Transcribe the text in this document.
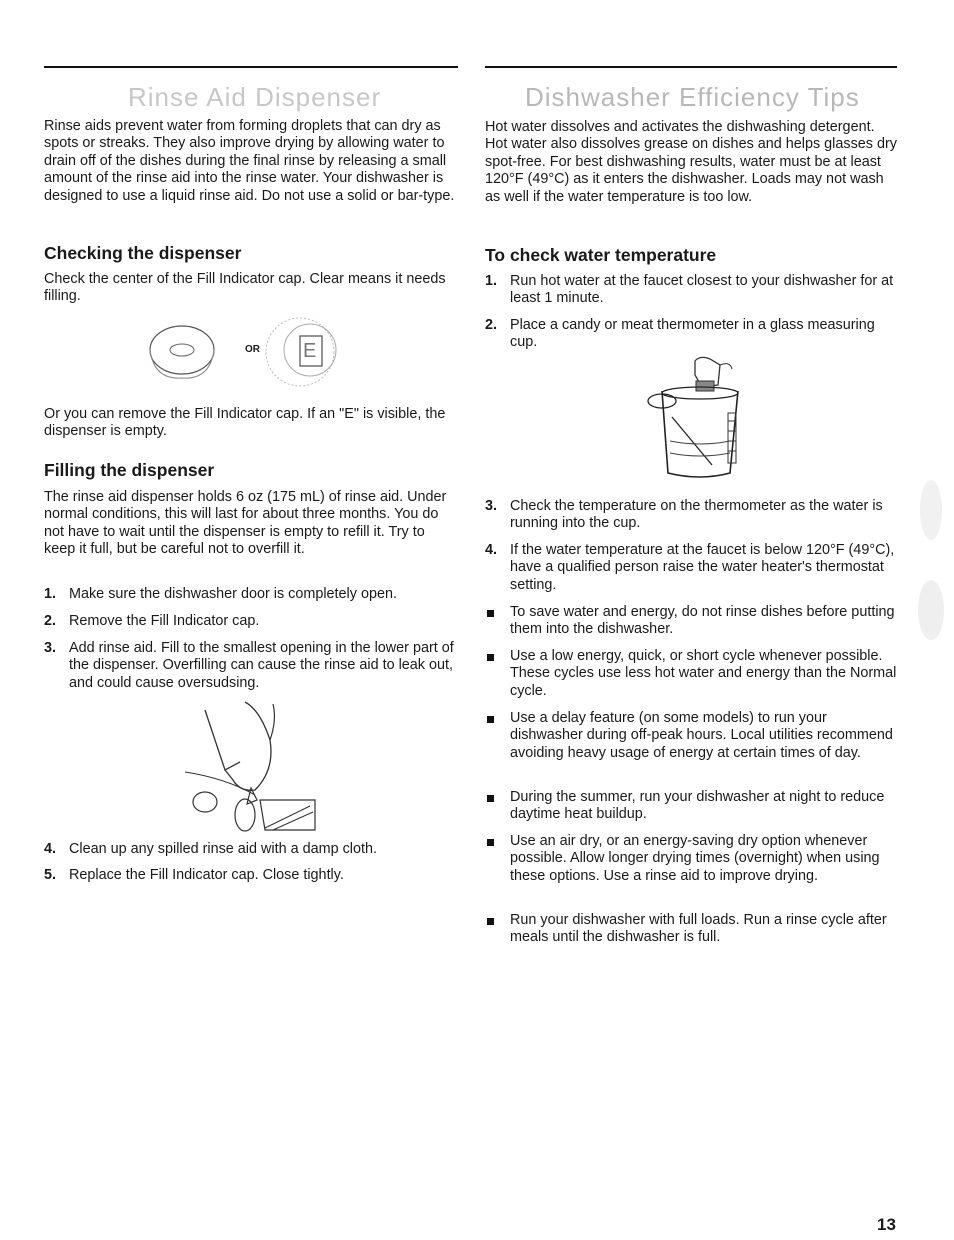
Rinse Aid Dispenser

Rinse aids prevent water from forming droplets that can dry as spots or streaks. They also improve drying by allowing water to drain off of the dishes during the final rinse by releasing a small amount of the rinse aid into the rinse water. Your dishwasher is designed to use a liquid rinse aid. Do not use a solid or bar-type.

Checking the dispenser

Check the center of the Fill Indicator cap. Clear means it needs filling.

OR E

Or you can remove the Fill Indicator cap. If an "E" is visible, the dispenser is empty.

Filling the dispenser

The rinse aid dispenser holds 6 oz (175 mL) of rinse aid. Under normal conditions, this will last for about three months. You do not have to wait until the dispenser is empty to refill it. Try to keep it full, but be careful not to overfill it.

1. Make sure the dishwasher door is completely open.
2. Remove the Fill Indicator cap.
3. Add rinse aid. Fill to the smallest opening in the lower part of the dispenser. Overfilling can cause the rinse aid to leak out, and could cause oversudsing.
4. Clean up any spilled rinse aid with a damp cloth.
5. Replace the Fill Indicator cap. Close tightly.
Dishwasher Efficiency Tips

Hot water dissolves and activates the dishwashing detergent. Hot water also dissolves grease on dishes and helps glasses dry spot-free. For best dishwashing results, water must be at least 120°F (49°C) as it enters the dishwasher. Loads may not wash as well if the water temperature is too low.

To check water temperature
1. Run hot water at the faucet closest to your dishwasher for at least 1 minute.
2. Place a candy or meat thermometer in a glass measuring cup.
3. Check the temperature on the thermometer as the water is running into the cup.
4. If the water temperature at the faucet is below 120°F (49°C), have a qualified person raise the water heater's thermostat setting.
To save water and energy, do not rinse dishes before putting them into the dishwasher.
Use a low energy, quick, or short cycle whenever possible. These cycles use less hot water and energy than the Normal cycle.
Use a delay feature (on some models) to run your dishwasher during off-peak hours. Local utilities recommend avoiding heavy usage of energy at certain times of day.
During the summer, run your dishwasher at night to reduce daytime heat buildup.
Use an air dry, or an energy-saving dry option whenever possible. Allow longer drying times (overnight) when using these options. Use a rinse aid to improve drying.
Run your dishwasher with full loads. Run a rinse cycle after meals until the dishwasher is full.
13
